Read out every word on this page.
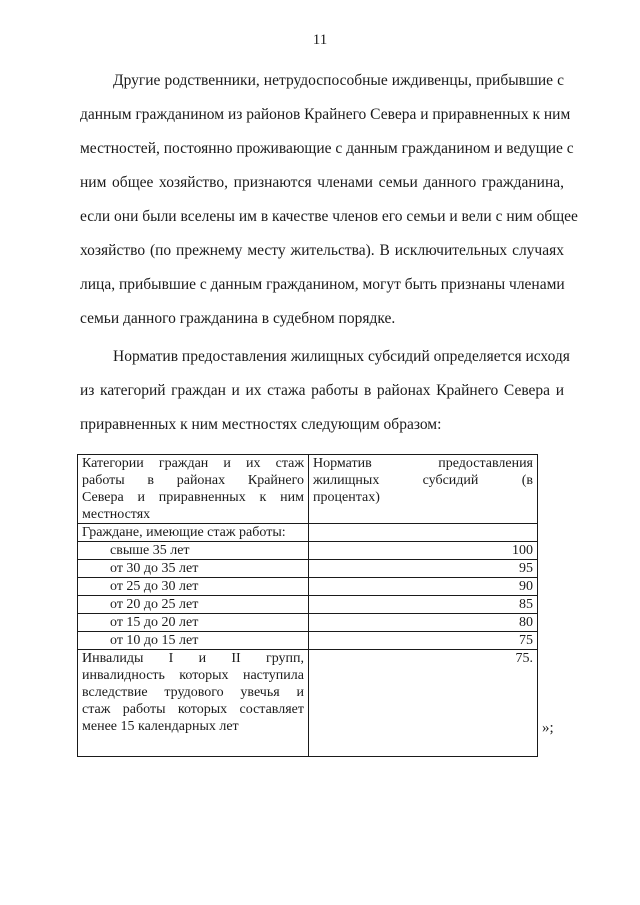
11
Другие родственники, нетрудоспособные иждивенцы, прибывшие с
данным гражданином из районов Крайнего Севера и приравненных к ним
местностей, постоянно проживающие с данным гражданином и ведущие с
ним общее хозяйство, признаются членами семьи данного гражданина,
если они были вселены им в качестве членов его семьи и вели с ним общее
хозяйство (по прежнему месту жительства). В исключительных случаях
лица, прибывшие с данным гражданином, могут быть признаны членами
семьи данного гражданина в судебном порядке.
Норматив предоставления жилищных субсидий определяется исходя
из категорий граждан и их стажа работы в районах Крайнего Севера и
приравненных к ним местностях следующим образом:
Категории граждан и их стаж
работы в районах Крайнего
Севера и приравненных к ним
местностях	Норматив предоставления
жилищных субсидий (в
процентах)

Граждане, имеющие стаж работы:	
свыше 35 лет	100
от 30 до 35 лет	95
от 25 до 30 лет	90
от 20 до 25 лет	85
от 15 до 20 лет	80
от 10 до 15 лет	75

Инвалиды I и II групп,
инвалидность которых наступила
вследствие трудового увечья и
стаж работы которых составляет
менее 15 календарных лет	75.
»;
